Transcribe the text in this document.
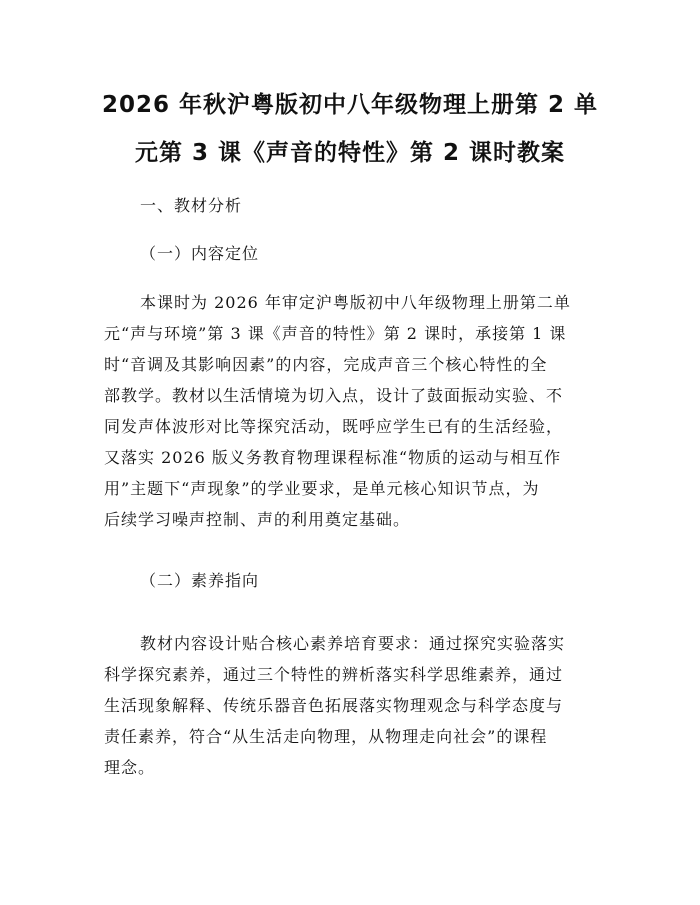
2026 年秋沪粤版初中八年级物理上册第 2 单
元第 3 课《声音的特性》第 2 课时教案

一、教材分析

（一）内容定位

本课时为 2026 年审定沪粤版初中八年级物理上册第二单

元“声与环境”第 3 课《声音的特性》第 2 课时，承接第 1 课

时“音调及其影响因素”的内容，完成声音三个核心特性的全

部教学。教材以生活情境为切入点，设计了鼓面振动实验、不

同发声体波形对比等探究活动，既呼应学生已有的生活经验，

又落实 2026 版义务教育物理课程标准“物质的运动与相互作

用”主题下“声现象”的学业要求，是单元核心知识节点，为

后续学习噪声控制、声的利用奠定基础。

（二）素养指向

教材内容设计贴合核心素养培育要求：通过探究实验落实

科学探究素养，通过三个特性的辨析落实科学思维素养，通过

生活现象解释、传统乐器音色拓展落实物理观念与科学态度与

责任素养，符合“从生活走向物理，从物理走向社会”的课程

理念。
